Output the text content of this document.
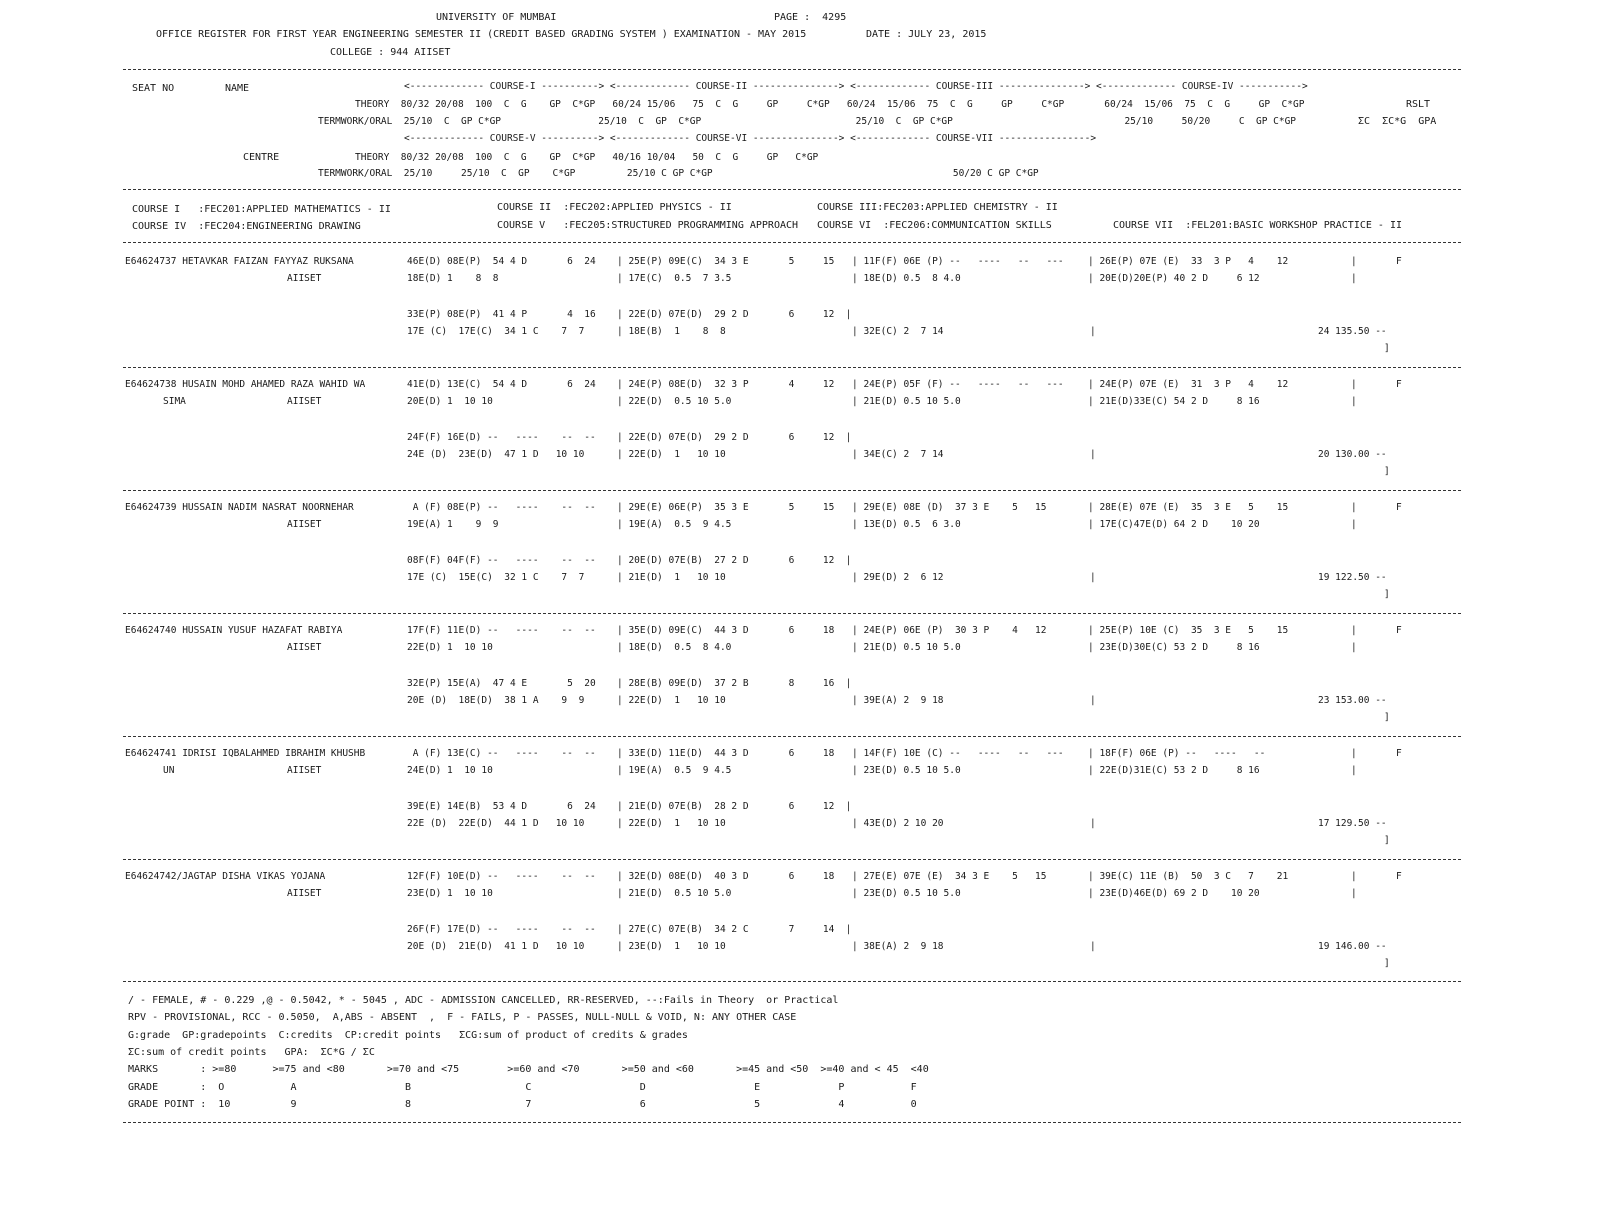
UNIVERSITY OF MUMBAI	PAGE :  4295
OFFICE REGISTER FOR FIRST YEAR ENGINEERING SEMESTER II (CREDIT BASED GRADING SYSTEM ) EXAMINATION - MAY 2015	DATE : JULY 23, 2015
COLLEGE : 944 AIISET
SEAT NO	NAME	<------------- COURSE-I ----------> <------------- COURSE-II ---------------> <------------- COURSE-III ---------------> <------------- COURSE-IV ----------->
THEORY  80/32 20/08  100  C  G    GP  C*GP   60/24 15/06   75  C  G     GP     C*GP   60/24  15/06  75  C  G     GP     C*GP       60/24  15/06  75  C  G     GP  C*GP	RSLT
TERMWORK/ORAL  25/10  C  GP C*GP                 25/10  C  GP  C*GP                           25/10  C  GP C*GP                              25/10     50/20     C  GP C*GP	ΣC  ΣC*G  GPA
<------------- COURSE-V ----------> <------------- COURSE-VI ---------------> <------------- COURSE-VII ---------------->
CENTRE	THEORY  80/32 20/08  100  C  G    GP  C*GP   40/16 10/04   50  C  G     GP   C*GP
TERMWORK/ORAL  25/10     25/10  C  GP    C*GP         25/10 C GP C*GP                                          50/20 C GP C*GP
COURSE I   :FEC201:APPLIED MATHEMATICS - II
COURSE IV  :FEC204:ENGINEERING DRAWING
COURSE II  :FEC202:APPLIED PHYSICS - II
COURSE V   :FEC205:STRUCTURED PROGRAMMING APPROACH
COURSE III:FEC203:APPLIED CHEMISTRY - II
COURSE VI  :FEC206:COMMUNICATION SKILLS	COURSE VII  :FEL201:BASIC WORKSHOP PRACTICE - II
E64624737 HETAVKAR FAIZAN FAYYAZ RUKSANA
AIISET
46E(D) 08E(P)  54 4 D       6  24 | 25E(P) 09E(C)  34 3 E       5     15 | 11F(F) 06E (P) --   ----   --   ---	| 26E(P) 07E (E)  33  3 P   4    12	|	F
18E(D) 1    8  8	| 17E(C)  0.5  7 3.5	| 18E(D) 0.5  8 4.0	| 20E(D)20E(P) 40 2 D     6 12	|
33E(P) 08E(P)  41 4 P       4  16 | 22E(D) 07E(D)  29 2 D       6     12  |
17E (C)  17E(C)  34 1 C    7  7	| 18E(B)  1    8  8	| 32E(C) 2  7 14	|	24 135.50 --
]
E64624738 HUSAIN MOHD AHAMED RAZA WAHID WA
SIMA	AIISET
41E(D) 13E(C)  54 4 D       6  24 | 24E(P) 08E(D)  32 3 P       4     12 | 24E(P) 05F (F) --   ----   --   ---	| 24E(P) 07E (E)  31  3 P   4    12	|	F
20E(D) 1  10 10	| 22E(D)  0.5 10 5.0	| 21E(D) 0.5 10 5.0	| 21E(D)33E(C) 54 2 D     8 16	|
24F(F) 16E(D) --   ----    --  -- | 22E(D) 07E(D)  29 2 D       6     12  |
24E (D)  23E(D)  47 1 D   10 10	| 22E(D)  1   10 10	| 34E(C) 2  7 14	|	20 130.00 --
]
E64624739 HUSSAIN NADIM NASRAT NOORNEHAR
AIISET
A (F) 08E(P) --   ----    --  -- | 29E(E) 06E(P)  35 3 E       5     15 | 29E(E) 08E (D)  37 3 E    5   15	| 28E(E) 07E (E)  35  3 E   5    15	|	F
19E(A) 1    9  9	| 19E(A)  0.5  9 4.5	| 13E(D) 0.5  6 3.0	| 17E(C)47E(D) 64 2 D    10 20	|
08F(F) 04F(F) --   ----    --  -- | 20E(D) 07E(B)  27 2 D       6     12  |
17E (C)  15E(C)  32 1 C    7  7	| 21E(D)  1   10 10	| 29E(D) 2  6 12	|	19 122.50 --
]
E64624740 HUSSAIN YUSUF HAZAFAT RABIYA
AIISET
17F(F) 11E(D) --   ----    --  -- | 35E(D) 09E(C)  44 3 D       6     18 | 24E(P) 06E (P)  30 3 P    4   12	| 25E(P) 10E (C)  35  3 E   5    15	|	F
22E(D) 1  10 10	| 18E(D)  0.5  8 4.0	| 21E(D) 0.5 10 5.0	| 23E(D)30E(C) 53 2 D     8 16	|
32E(P) 15E(A)  47 4 E       5  20 | 28E(B) 09E(D)  37 2 B       8     16  |
20E (D)  18E(D)  38 1 A    9  9	| 22E(D)  1   10 10	| 39E(A) 2  9 18	|	23 153.00 --
]
E64624741 IDRISI IQBALAHMED IBRAHIM KHUSHB
UN	AIISET
A (F) 13E(C) --   ----    --  -- | 33E(D) 11E(D)  44 3 D       6     18 | 14F(F) 10E (C) --   ----   --   ---	| 18F(F) 06E (P) --   ----   --	|	F
24E(D) 1  10 10	| 19E(A)  0.5  9 4.5	| 23E(D) 0.5 10 5.0	| 22E(D)31E(C) 53 2 D     8 16	|
39E(E) 14E(B)  53 4 D       6  24 | 21E(D) 07E(B)  28 2 D       6     12  |
22E (D)  22E(D)  44 1 D   10 10	| 22E(D)  1   10 10	| 43E(D) 2 10 20	|	17 129.50 --
]
E64624742/JAGTAP DISHA VIKAS YOJANA
AIISET
12F(F) 10E(D) --   ----    --  -- | 32E(D) 08E(D)  40 3 D       6     18 | 27E(E) 07E (E)  34 3 E    5   15	| 39E(C) 11E (B)  50  3 C   7    21	|	F
23E(D) 1  10 10	| 21E(D)  0.5 10 5.0	| 23E(D) 0.5 10 5.0	| 23E(D)46E(D) 69 2 D    10 20	|
26F(F) 17E(D) --   ----    --  -- | 27E(C) 07E(B)  34 2 C       7     14  |
20E (D)  21E(D)  41 1 D   10 10	| 23E(D)  1   10 10	| 38E(A) 2  9 18	|	19 146.00 --
]
/ - FEMALE, # - 0.229 ,@ - 0.5042, * - 5045 , ADC - ADMISSION CANCELLED, RR-RESERVED, --:Fails in Theory  or Practical
RPV - PROVISIONAL, RCC - 0.5050,  A,ABS - ABSENT  ,  F - FAILS, P - PASSES, NULL-NULL & VOID, N: ANY OTHER CASE
G:grade  GP:gradepoints  C:credits  CP:credit points   ΣCG:sum of product of credits & grades
ΣC:sum of credit points   GPA:  ΣC*G / ΣC
MARKS       : >=80      >=75 and <80       >=70 and <75        >=60 and <70       >=50 and <60       >=45 and <50  >=40 and < 45  <40
GRADE       :  O           A                  B                   C                  D                  E             P           F
GRADE POINT :  10          9                  8                   7                  6                  5             4           0
